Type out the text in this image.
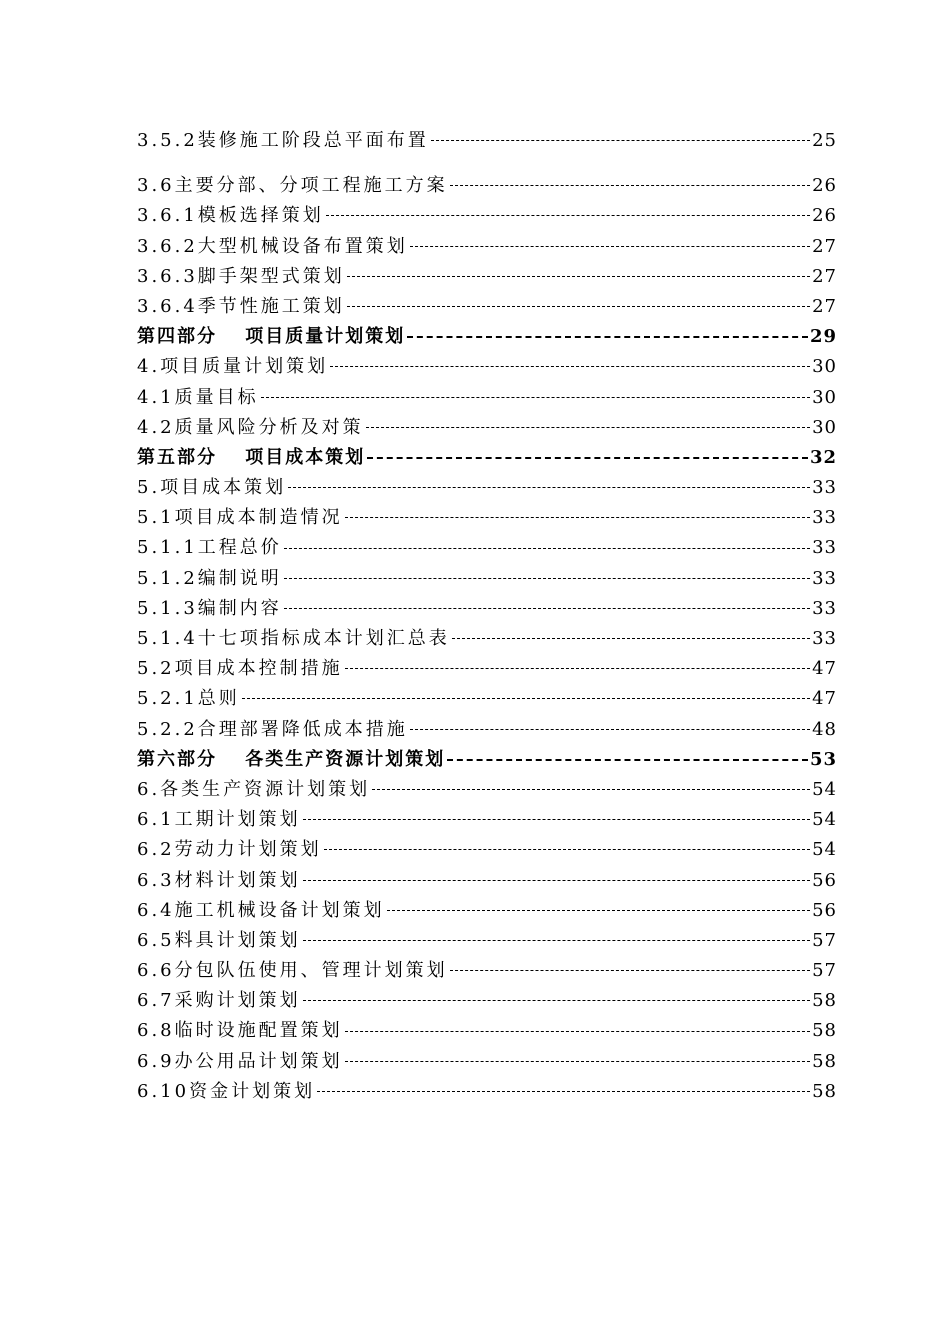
3.5.2装修施工阶段总平面布置	25
3.6主要分部、分项工程施工方案	26
3.6.1模板选择策划	26
3.6.2大型机械设备布置策划	27
3.6.3脚手架型式策划	27
3.6.4季节性施工策划	27
第四部分　 项目质量计划策划	29
4.项目质量计划策划	30
4.1质量目标	30
4.2质量风险分析及对策	30
第五部分　 项目成本策划	32
5.项目成本策划	33
5.1项目成本制造情况	33
5.1.1工程总价	33
5.1.2编制说明	33
5.1.3编制内容	33
5.1.4十七项指标成本计划汇总表	33
5.2项目成本控制措施	47
5.2.1总则	47
5.2.2合理部署降低成本措施	48
第六部分　 各类生产资源计划策划	53
6.各类生产资源计划策划	54
6.1工期计划策划	54
6.2劳动力计划策划	54
6.3材料计划策划	56
6.4施工机械设备计划策划	56
6.5料具计划策划	57
6.6分包队伍使用、管理计划策划	57
6.7采购计划策划	58
6.8临时设施配置策划	58
6.9办公用品计划策划	58
6.10资金计划策划	58
